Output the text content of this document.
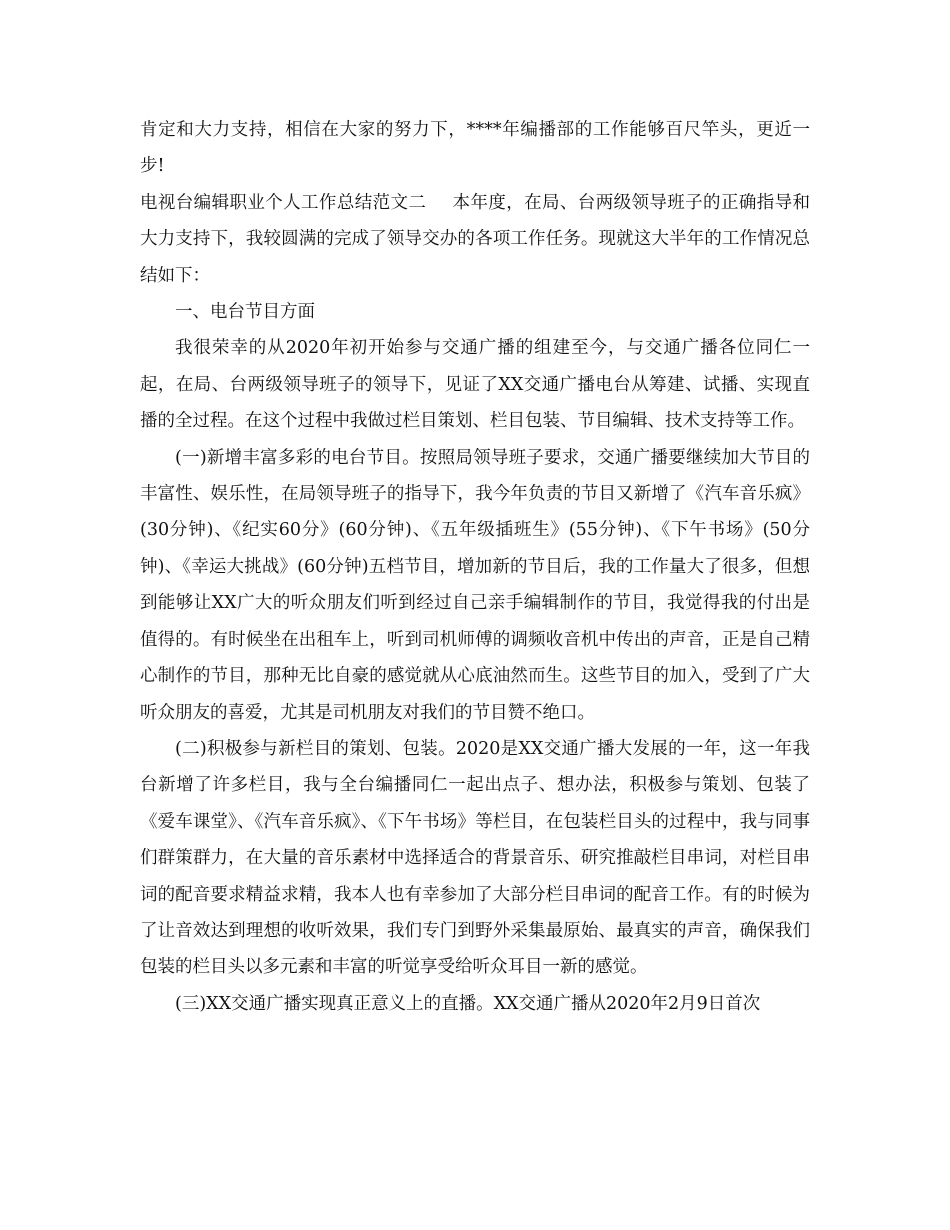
肯定和大力支持，相信在大家的努力下，****年编播部的工作能够百尺竿头，更近一步!

电视台编辑职业个人工作总结范文二 本年度，在局、台两级领导班子的正确指导和大力支持下，我较圆满的完成了领导交办的各项工作任务。现就这大半年的工作情况总结如下：

一、电台节目方面

我很荣幸的从2020年初开始参与交通广播的组建至今，与交通广播各位同仁一起，在局、台两级领导班子的领导下，见证了XX交通广播电台从筹建、试播、实现直播的全过程。在这个过程中我做过栏目策划、栏目包装、节目编辑、技术支持等工作。

(一)新增丰富多彩的电台节目。按照局领导班子要求，交通广播要继续加大节目的丰富性、娱乐性，在局领导班子的指导下，我今年负责的节目又新增了《汽车音乐疯》(30分钟)、《纪实60分》(60分钟)、《五年级插班生》(55分钟)、《下午书场》(50分钟)、《幸运大挑战》(60分钟)五档节目，增加新的节目后，我的工作量大了很多，但想到能够让XX广大的听众朋友们听到经过自己亲手编辑制作的节目，我觉得我的付出是值得的。有时候坐在出租车上，听到司机师傅的调频收音机中传出的声音，正是自己精心制作的节目，那种无比自豪的感觉就从心底油然而生。这些节目的加入，受到了广大听众朋友的喜爱，尤其是司机朋友对我们的节目赞不绝口。

(二)积极参与新栏目的策划、包装。2020是XX交通广播大发展的一年，这一年我台新增了许多栏目，我与全台编播同仁一起出点子、想办法，积极参与策划、包装了《爱车课堂》、《汽车音乐疯》、《下午书场》等栏目，在包装栏目头的过程中，我与同事们群策群力，在大量的音乐素材中选择适合的背景音乐、研究推敲栏目串词，对栏目串词的配音要求精益求精，我本人也有幸参加了大部分栏目串词的配音工作。有的时候为了让音效达到理想的收听效果，我们专门到野外采集最原始、最真实的声音，确保我们包装的栏目头以多元素和丰富的听觉享受给听众耳目一新的感觉。

(三)XX交通广播实现真正意义上的直播。XX交通广播从2020年2月9日首次
